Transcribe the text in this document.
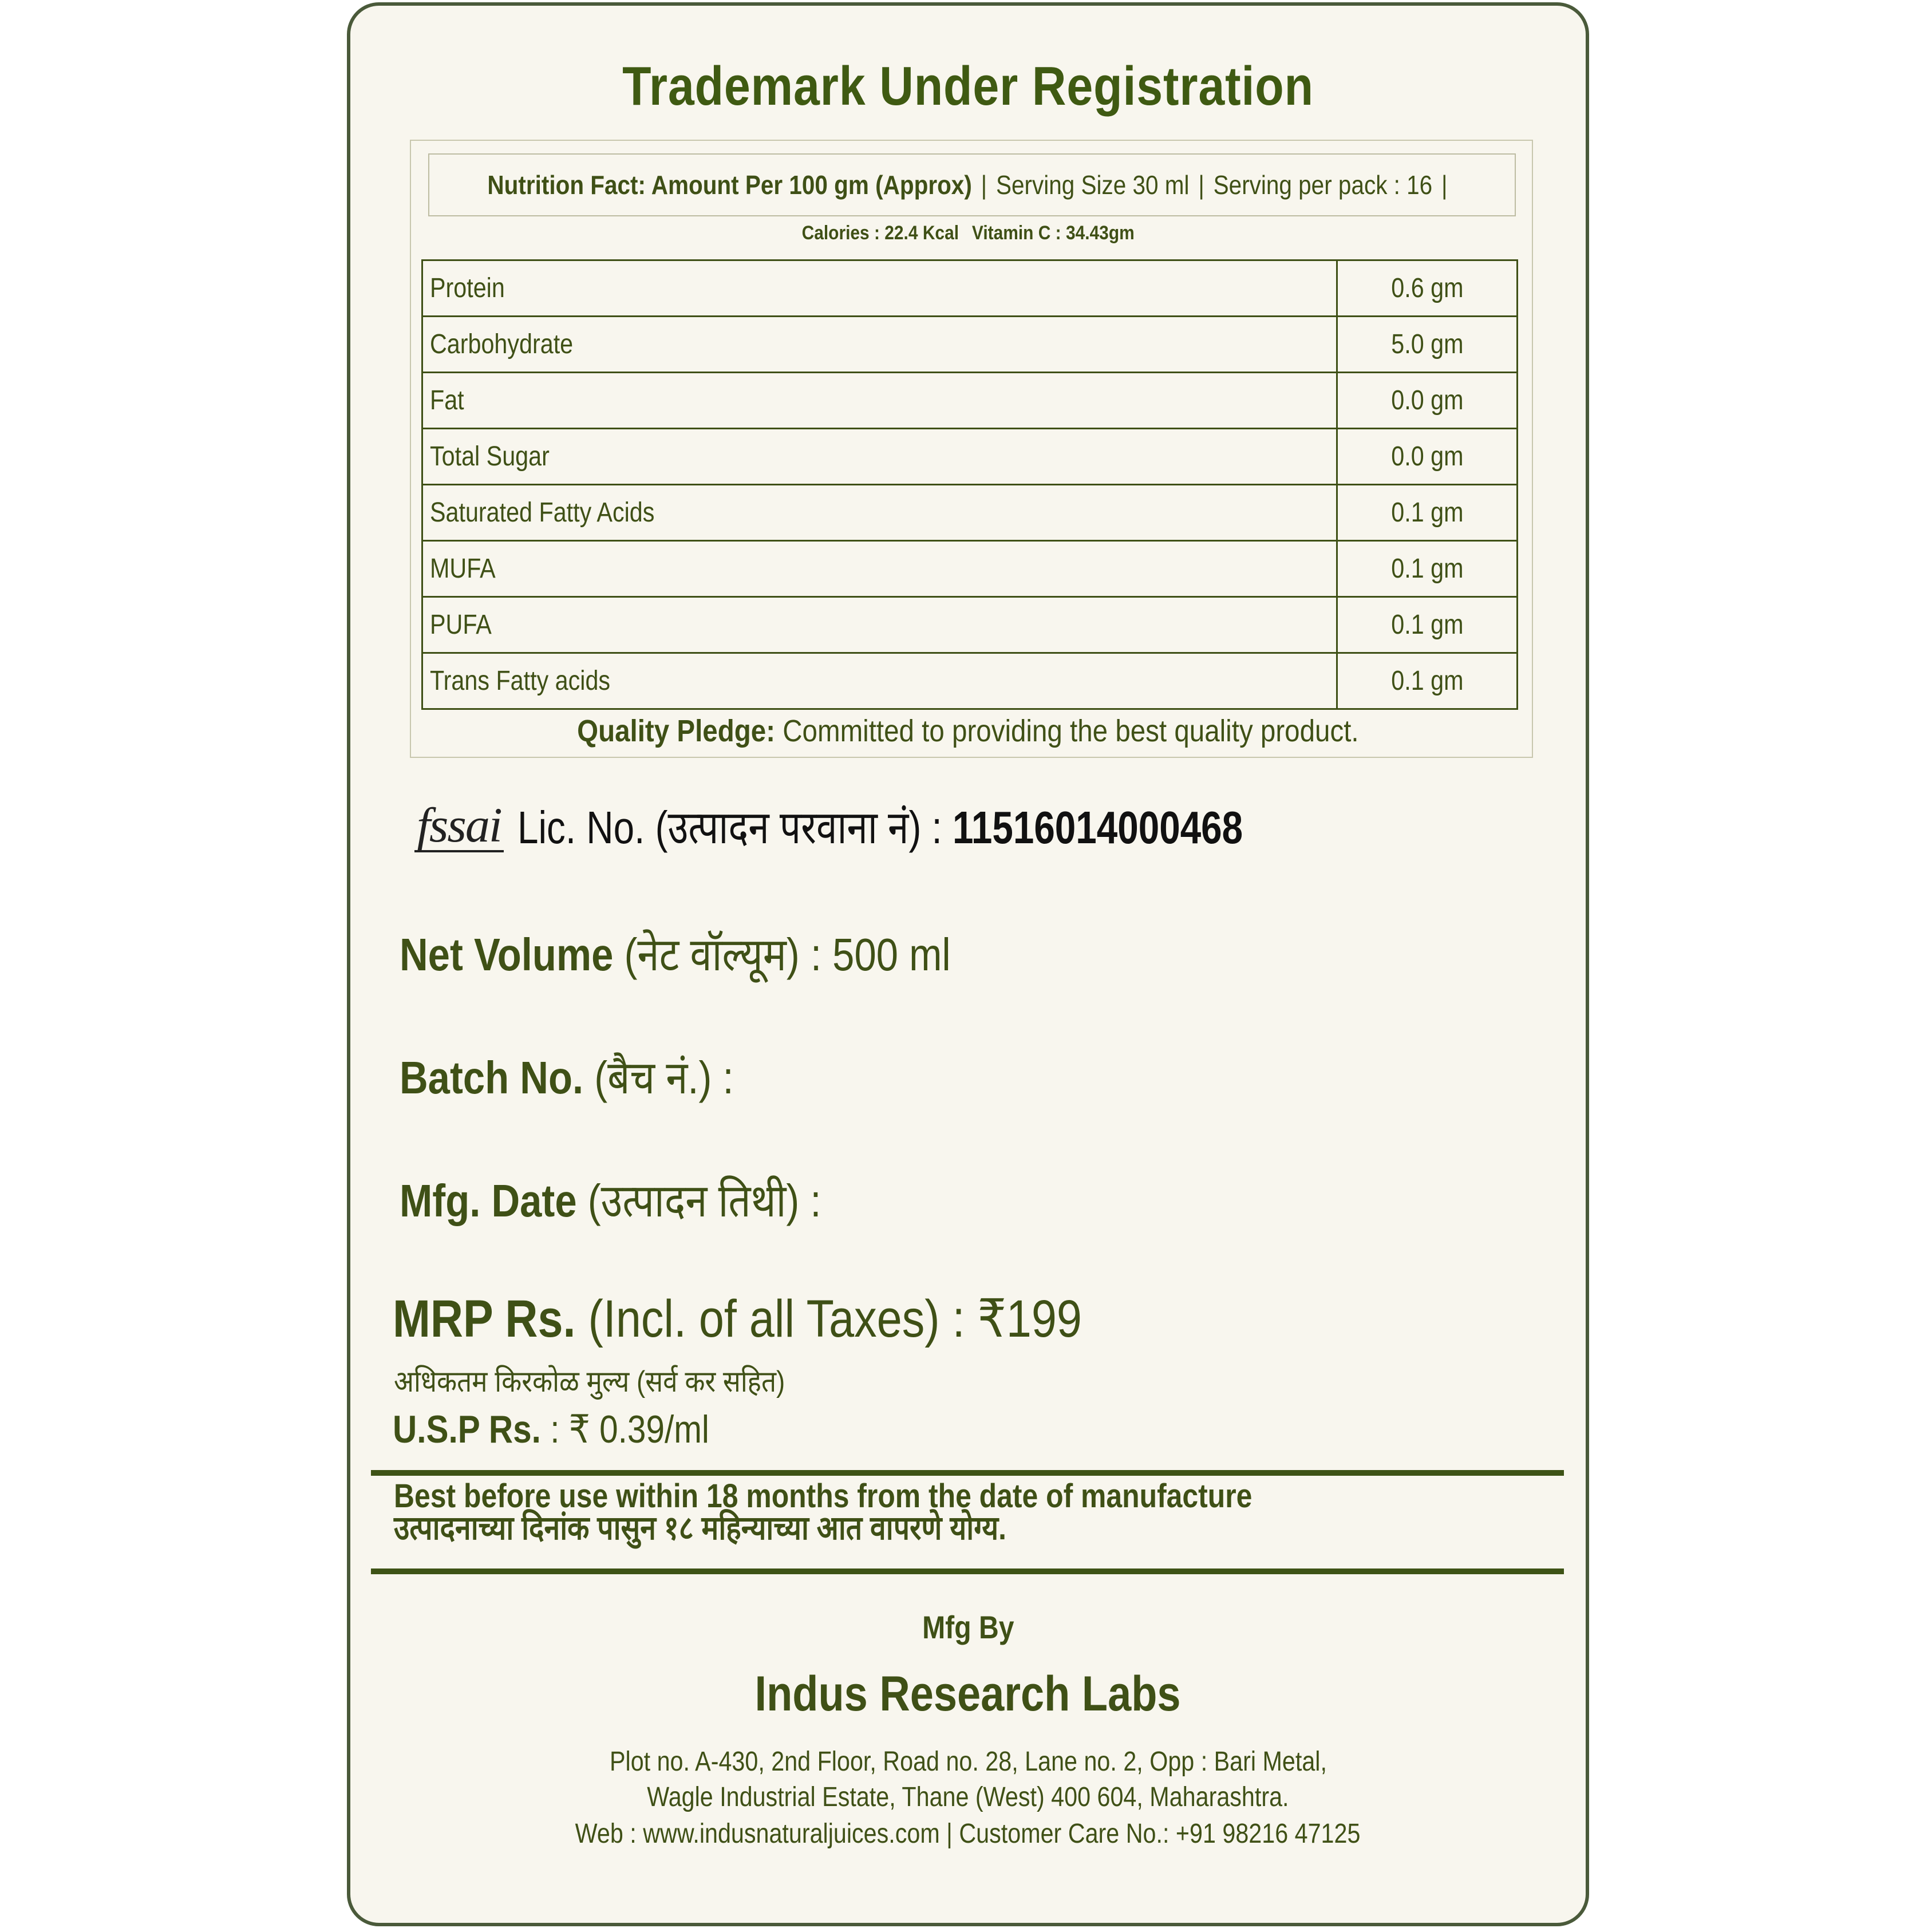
Trademark Under Registration
Nutrition Fact: Amount Per 100 gm (Approx) | Serving Size 30 ml | Serving per pack : 16 |
Calories : 22.4 Kcal Vitamin C : 34.43gm
Protein	0.6 gm
Carbohydrate	5.0 gm
Fat	0.0 gm
Total Sugar	0.0 gm
Saturated Fatty Acids	0.1 gm
MUFA	0.1 gm
PUFA	0.1 gm
Trans Fatty acids	0.1 gm
Quality Pledge: Committed to providing the best quality product.
fssai Lic. No. (उत्पादन परवाना नं) : 11516014000468
Net Volume (नेट वॉल्यूम) : 500 ml
Batch No. (बैच नं.) :
Mfg. Date (उत्पादन तिथी) :
MRP Rs. (Incl. of all Taxes) : ₹199
अधिकतम किरकोळ मुल्य (सर्व कर सहित)
U.S.P Rs. : ₹ 0.39/ml
Best before use within 18 months from the date of manufacture
उत्पादनाच्या दिनांक पासुन १८ महिन्याच्या आत वापरणे योग्य.
Mfg By
Indus Research Labs
Plot no. A-430, 2nd Floor, Road no. 28, Lane no. 2, Opp : Bari Metal,
Wagle Industrial Estate, Thane (West) 400 604, Maharashtra.
Web : www.indusnaturaljuices.com | Customer Care No.: +91 98216 47125
